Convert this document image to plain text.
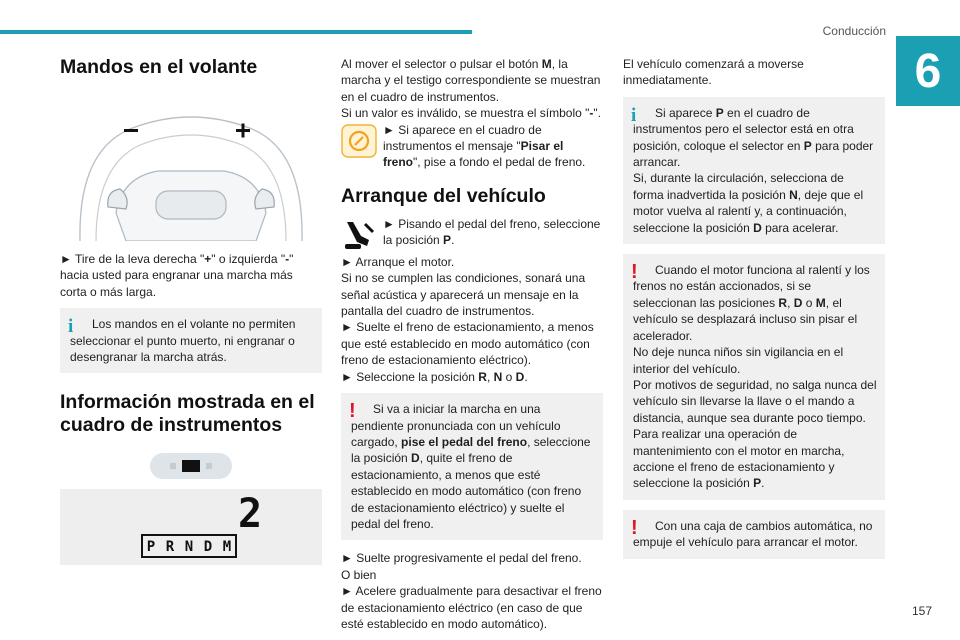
Conducción
6
Mandos en el volante

► Tire de la leva derecha "+" o izquierda "-" hacia usted para engranar una marcha más corta o más larga.

i	Los mandos en el volante no permiten seleccionar el punto muerto, ni engranar o desengranar la marcha atrás.

Información mostrada en el cuadro de instrumentos
2
P R N D M

Al mover el selector o pulsar el botón M, la marcha y el testigo correspondiente se muestran en el cuadro de instrumentos.

Si un valor es inválido, se muestra el símbolo "-".

► Si aparece en el cuadro de instrumentos el mensaje "Pisar el freno", pise a fondo el pedal de freno.

Arranque del vehículo

► Pisando el pedal del freno, seleccione la posición P.

► Arranque el motor.

Si no se cumplen las condiciones, sonará una señal acústica y aparecerá un mensaje en la pantalla del cuadro de instrumentos.

► Suelte el freno de estacionamiento, a menos que esté establecido en modo automático (con freno de estacionamiento eléctrico).

► Seleccione la posición R, N o D.

!	Si va a iniciar la marcha en una pendiente pronunciada con un vehículo cargado, pise el pedal del freno, seleccione la posición D, quite el freno de estacionamiento, a menos que esté establecido en modo automático (con freno de estacionamiento eléctrico) y suelte el pedal del freno.

► Suelte progresivamente el pedal del freno.

O bien

► Acelere gradualmente para desactivar el freno de estacionamiento eléctrico (en caso de que esté establecido en modo automático).

El vehículo comenzará a moverse inmediatamente.

i	Si aparece P en el cuadro de instrumentos pero el selector está en otra posición, coloque el selector en P para poder arrancar.

Si, durante la circulación, selecciona de forma inadvertida la posición N, deje que el motor vuelva al ralentí y, a continuación, seleccione la posición D para acelerar.

!	Cuando el motor funciona al ralentí y los frenos no están accionados, si se seleccionan las posiciones R, D o M, el vehículo se desplazará incluso sin pisar el acelerador.

No deje nunca niños sin vigilancia en el interior del vehículo.

Por motivos de seguridad, no salga nunca del vehículo sin llevarse la llave o el mando a distancia, aunque sea durante poco tiempo.

Para realizar una operación de mantenimiento con el motor en marcha, accione el freno de estacionamiento y seleccione la posición P.

!	Con una caja de cambios automática, no empuje el vehículo para arrancar el motor.

157
